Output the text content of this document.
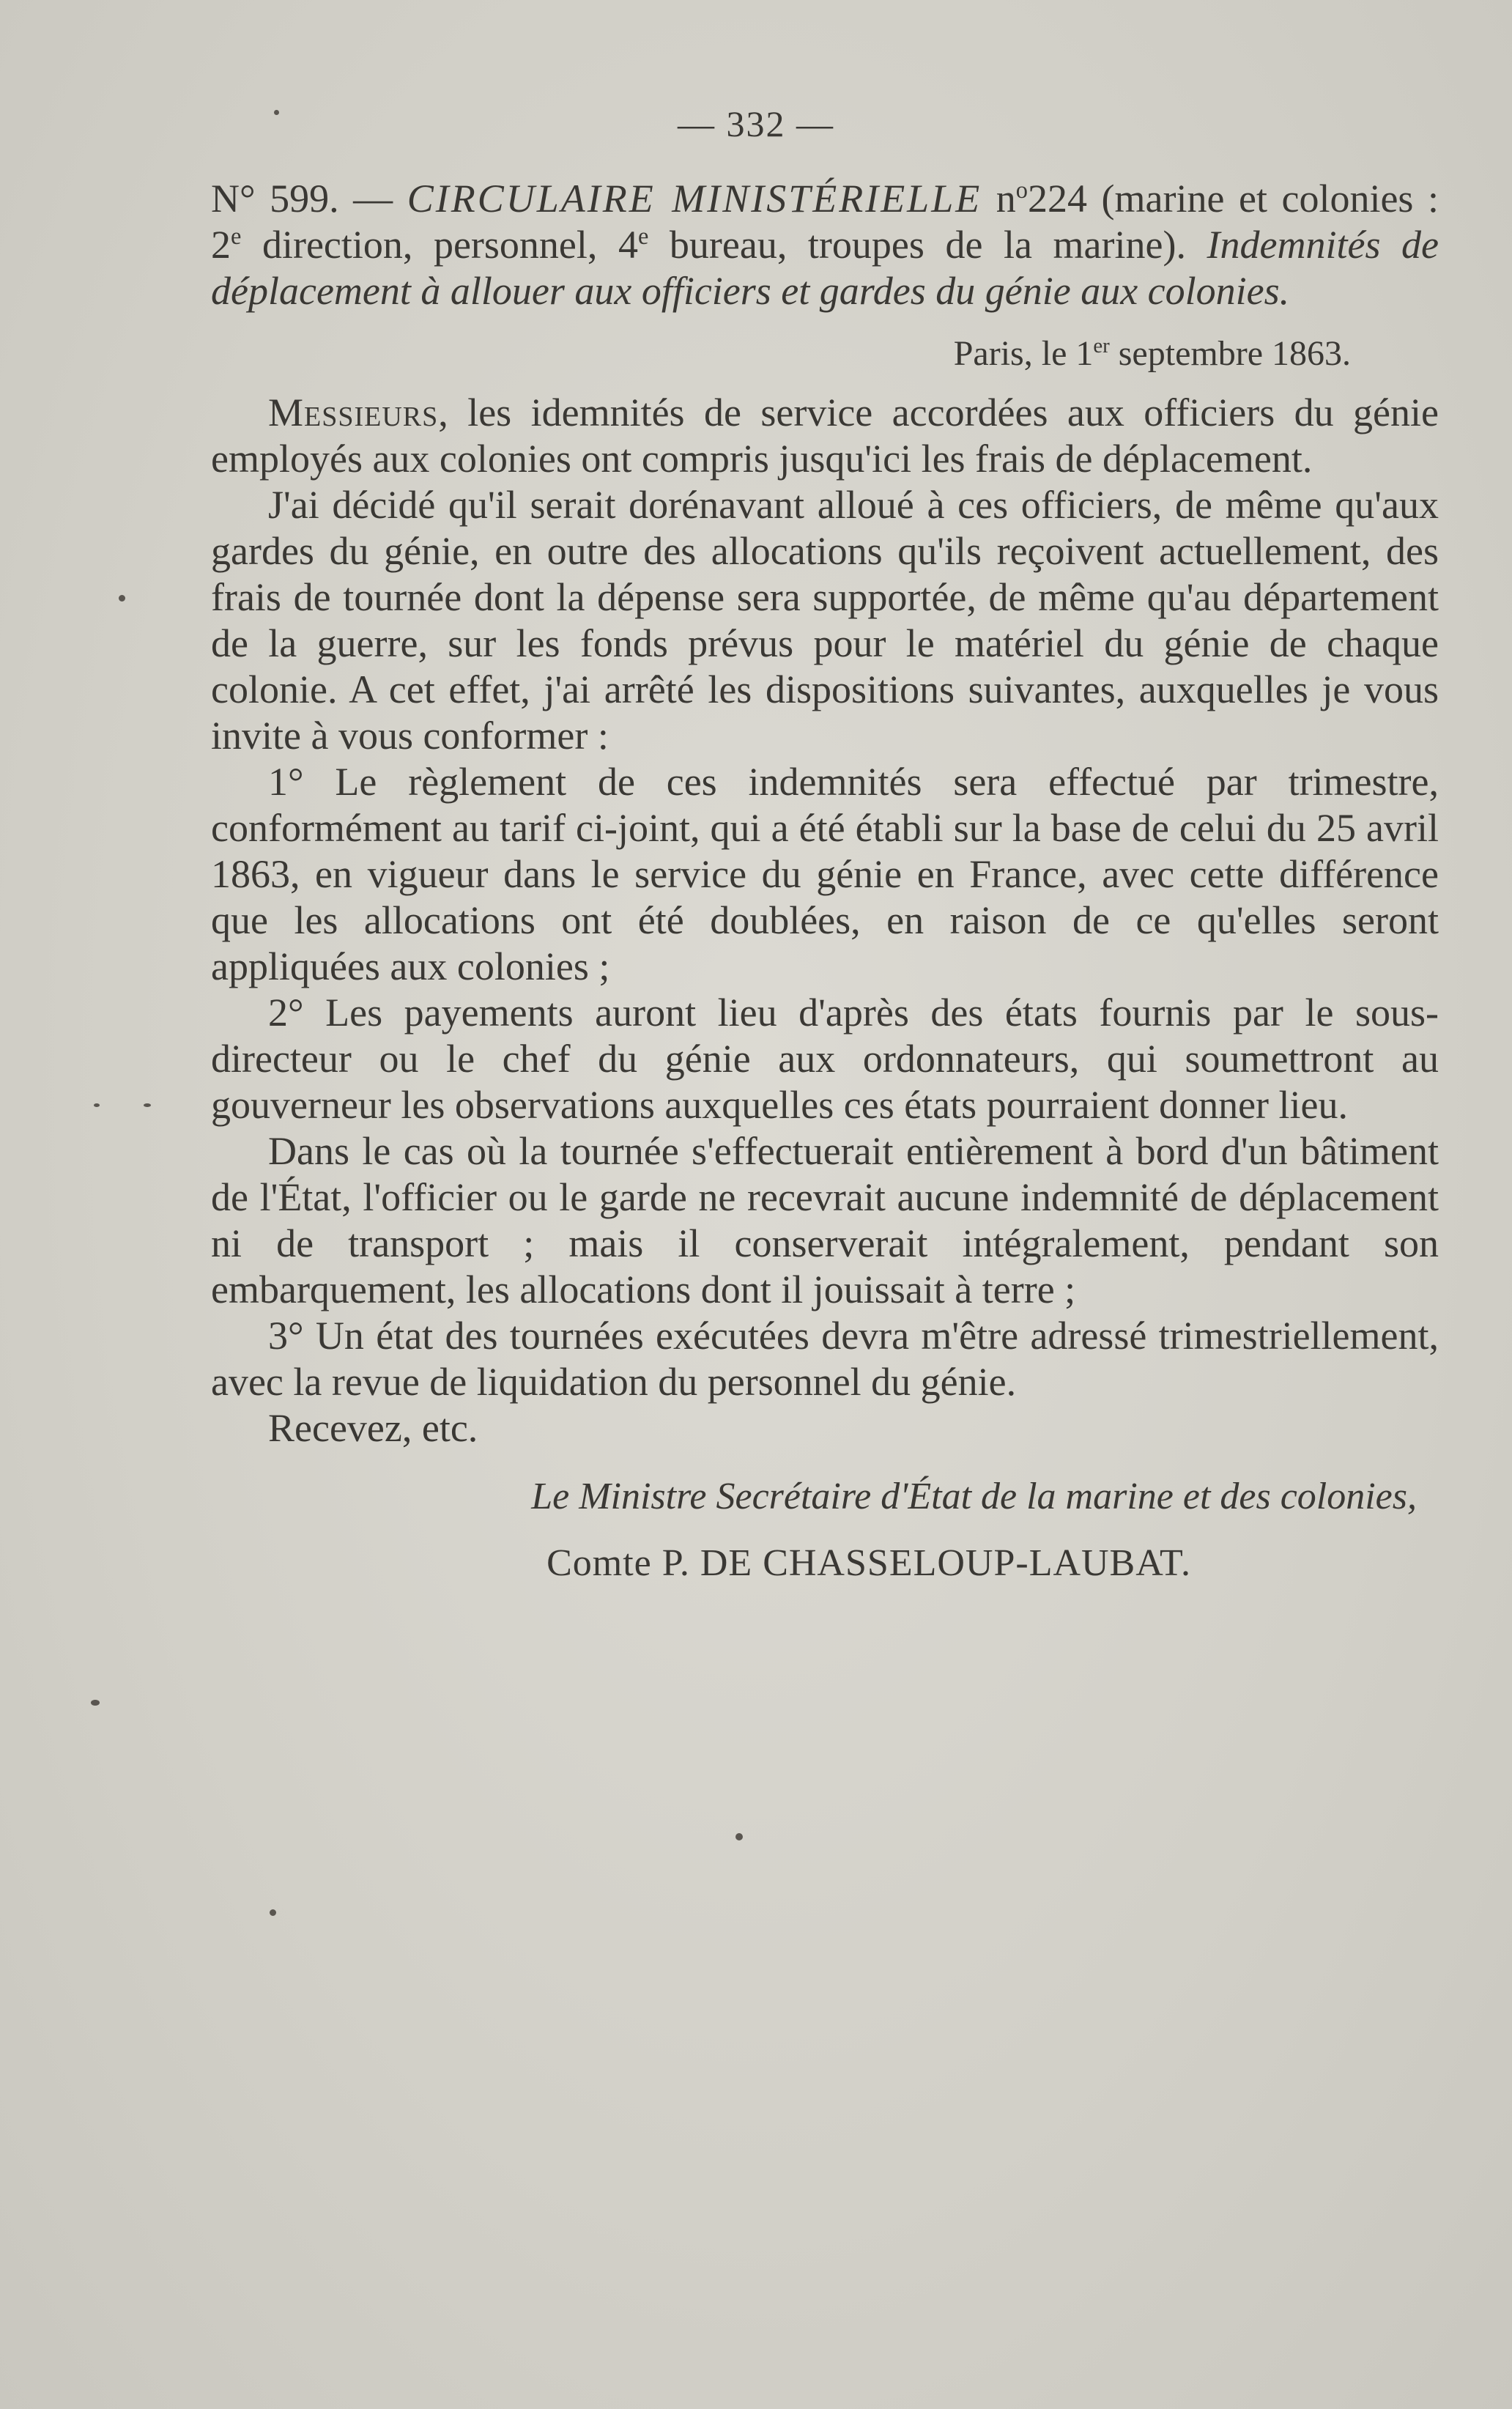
— 332 —

N° 599. — CIRCULAIRE MINISTÉRIELLE $n^o224$ (marine et colonies : 2e direction, personnel, 4e bureau, troupes de la marine). Indemnités de déplacement à allouer aux officiers et gardes du génie aux colonies.

Paris, le 1er septembre 1863.

Messieurs, les idemnités de service accordées aux officiers du génie employés aux colonies ont compris jusqu'ici les frais de déplacement.

J'ai décidé qu'il serait dorénavant alloué à ces officiers, de même qu'aux gardes du génie, en outre des allocations qu'ils reçoivent actuellement, des frais de tournée dont la dépense sera supportée, de même qu'au département de la guerre, sur les fonds prévus pour le matériel du génie de chaque colonie. A cet effet, j'ai arrêté les dispositions suivantes, auxquelles je vous invite à vous conformer :

1° Le règlement de ces indemnités sera effectué par trimestre, conformément au tarif ci-joint, qui a été établi sur la base de celui du 25 avril 1863, en vigueur dans le service du génie en France, avec cette différence que les allocations ont été doublées, en raison de ce qu'elles seront appliquées aux colonies ;

2° Les payements auront lieu d'après des états fournis par le sous-directeur ou le chef du génie aux ordonnateurs, qui soumettront au gouverneur les observations auxquelles ces états pourraient donner lieu.

Dans le cas où la tournée s'effectuerait entièrement à bord d'un bâtiment de l'État, l'officier ou le garde ne recevrait aucune indemnité de déplacement ni de transport ; mais il conserverait intégralement, pendant son embarquement, les allocations dont il jouissait à terre ;

3° Un état des tournées exécutées devra m'être adressé trimestriellement, avec la revue de liquidation du personnel du génie.

Recevez, etc.

Le Ministre Secrétaire d'État de la marine et des colonies,
Comte P. DE CHASSELOUP-LAUBAT.
